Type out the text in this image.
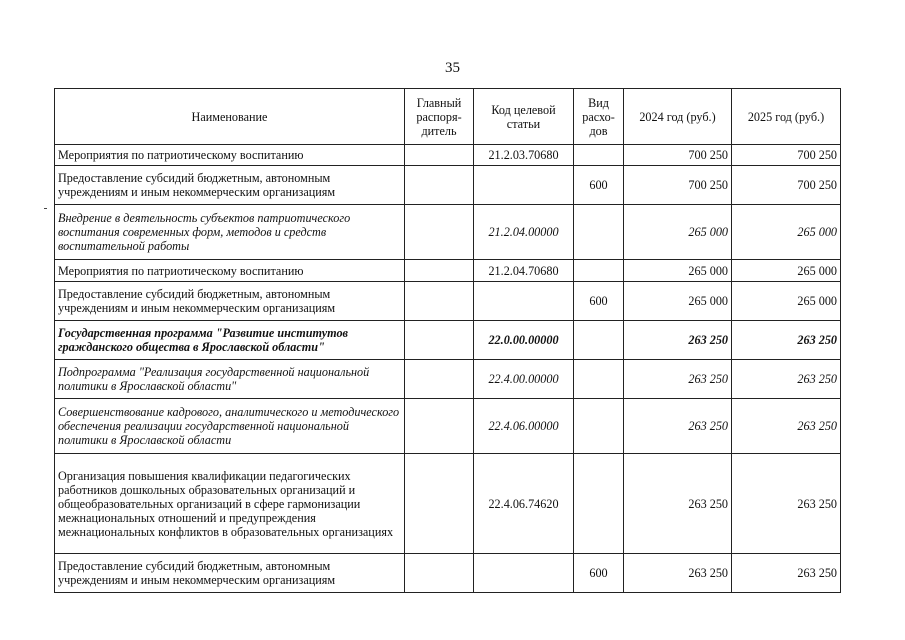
35
Наименование	Главный распоря-дитель	Код целевой статьи	Вид расхо-дов	2024 год (руб.)	2025 год (руб.)
Мероприятия по патриотическому воспитанию		21.2.03.70680		700 250	700 250
Предоставление субсидий бюджетным, автономным учреждениям и иным некоммерческим организациям			600	700 250	700 250
Внедрение в деятельность субъектов патриотического воспитания современных форм, методов и средств воспитательной работы		21.2.04.00000		265 000	265 000
Мероприятия по патриотическому воспитанию		21.2.04.70680		265 000	265 000
Предоставление субсидий бюджетным, автономным учреждениям и иным некоммерческим организациям			600	265 000	265 000
Государственная программа "Развитие институтов гражданского общества в Ярославской области"		22.0.00.00000		263 250	263 250
Подпрограмма "Реализация государственной национальной политики в Ярославской области"		22.4.00.00000		263 250	263 250
Совершенствование кадрового, аналитического и методического обеспечения реализации государственной национальной политики в Ярославской области		22.4.06.00000		263 250	263 250
Организация повышения квалификации педагогических работников дошкольных образовательных организаций и общеобразовательных организаций в сфере гармонизации межнациональных отношений и предупреждения межнациональных конфликтов в образовательных организациях		22.4.06.74620		263 250	263 250
Предоставление субсидий бюджетным, автономным учреждениям и иным некоммерческим организациям			600	263 250	263 250
